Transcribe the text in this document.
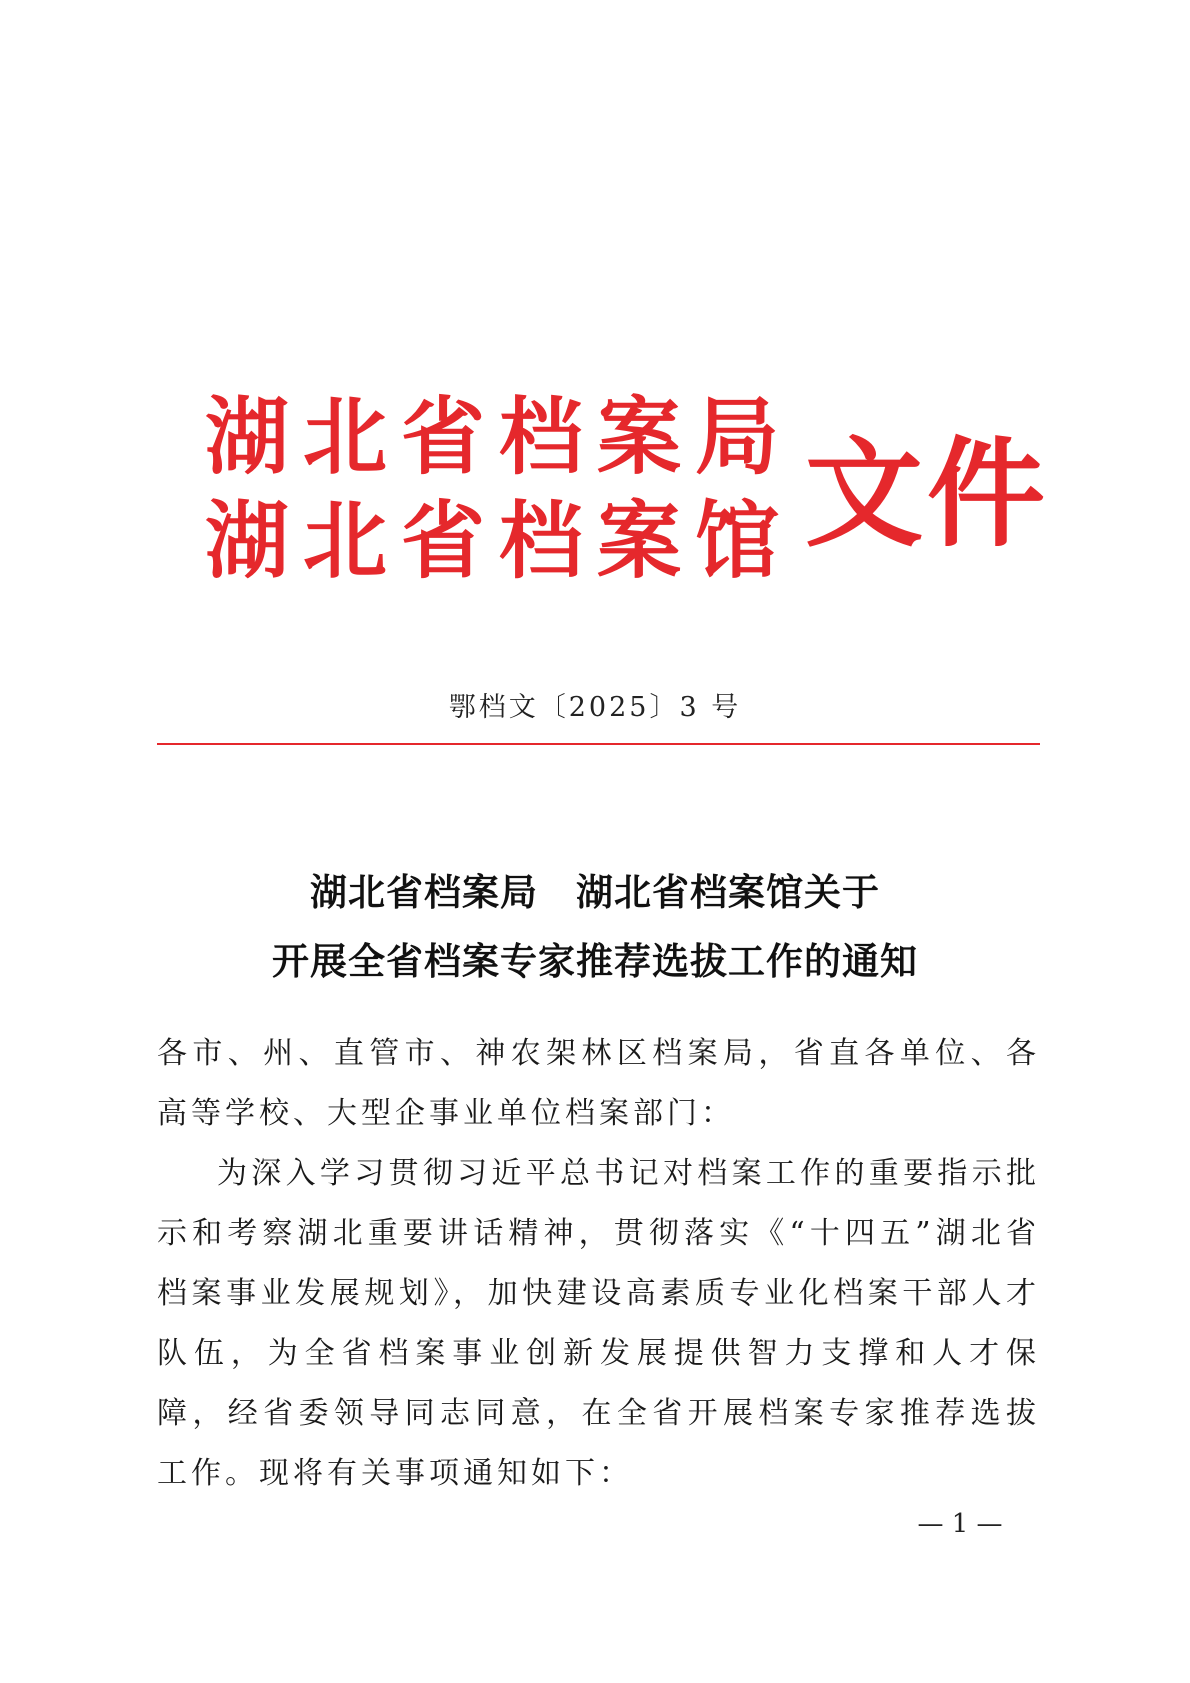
湖北省档案局
湖北省档案馆 文件
鄂档文〔2025〕3 号
湖北省档案局　湖北省档案馆关于
开展全省档案专家推荐选拔工作的通知
各市、州、直管市、神农架林区档案局，省直各单位、各高等学校、大型企事业单位档案部门：
为深入学习贯彻习近平总书记对档案工作的重要指示批示和考察湖北重要讲话精神，贯彻落实《“十四五”湖北省档案事业发展规划》，加快建设高素质专业化档案干部人才队伍，为全省档案事业创新发展提供智力支撑和人才保障，经省委领导同志同意，在全省开展档案专家推荐选拔工作。现将有关事项通知如下：
— 1 —
